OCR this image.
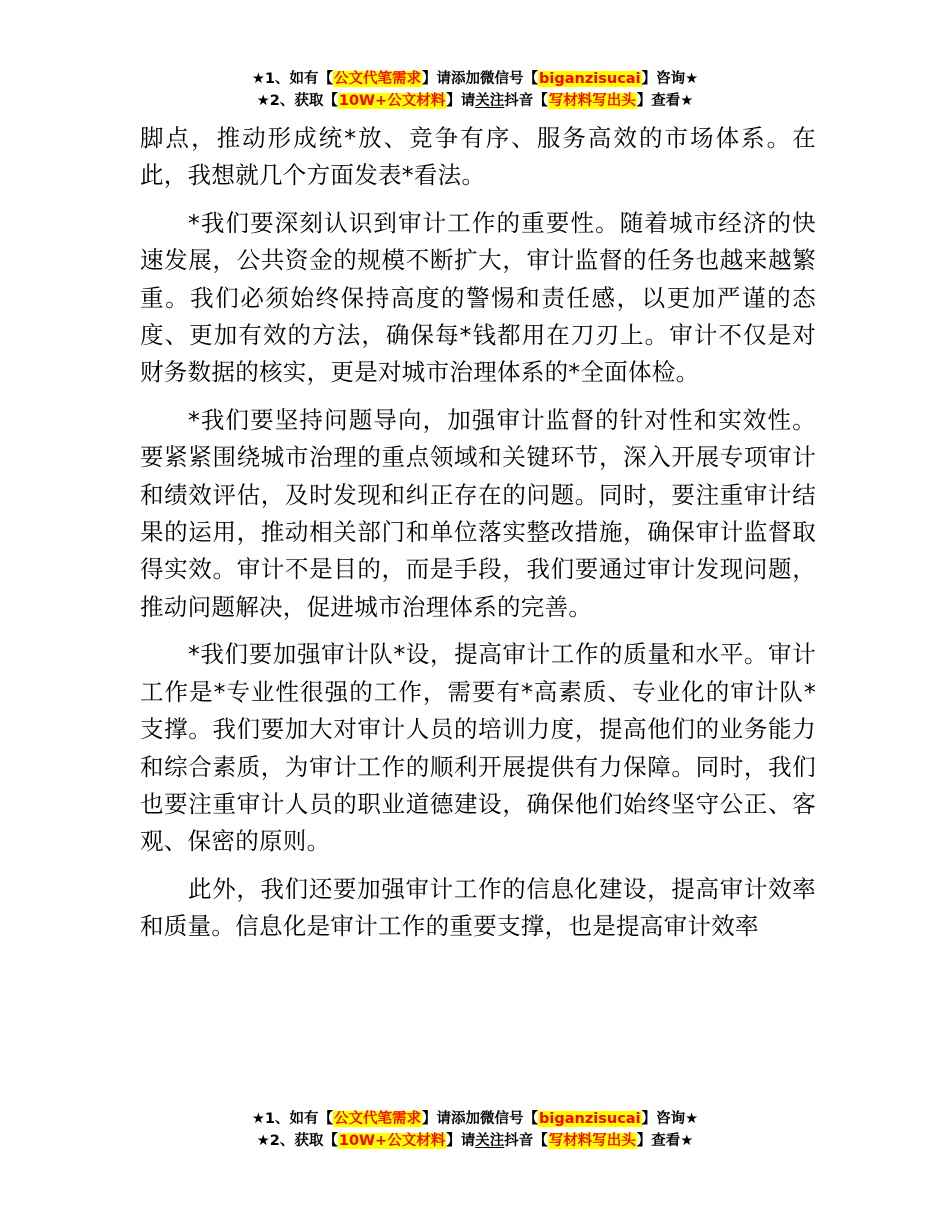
★1、如有【公文代笔需求】请添加微信号【biganzisucai】咨询★
★2、获取【10W+公文材料】请关注抖音【写材料写出头】查看★

脚点，推动形成统*放、竞争有序、服务高效的市场体系。在此，我想就几个方面发表*看法。

*我们要深刻认识到审计工作的重要性。随着城市经济的快速发展，公共资金的规模不断扩大，审计监督的任务也越来越繁重。我们必须始终保持高度的警惕和责任感，以更加严谨的态度、更加有效的方法，确保每*钱都用在刀刃上。审计不仅是对财务数据的核实，更是对城市治理体系的*全面体检。

*我们要坚持问题导向，加强审计监督的针对性和实效性。要紧紧围绕城市治理的重点领域和关键环节，深入开展专项审计和绩效评估，及时发现和纠正存在的问题。同时，要注重审计结果的运用，推动相关部门和单位落实整改措施，确保审计监督取得实效。审计不是目的，而是手段，我们要通过审计发现问题，推动问题解决，促进城市治理体系的完善。

*我们要加强审计队*设，提高审计工作的质量和水平。审计工作是*专业性很强的工作，需要有*高素质、专业化的审计队*支撑。我们要加大对审计人员的培训力度，提高他们的业务能力和综合素质，为审计工作的顺利开展提供有力保障。同时，我们也要注重审计人员的职业道德建设，确保他们始终坚守公正、客观、保密的原则。

此外，我们还要加强审计工作的信息化建设，提高审计效率和质量。信息化是审计工作的重要支撑，也是提高审计效率

★1、如有【公文代笔需求】请添加微信号【biganzisucai】咨询★
★2、获取【10W+公文材料】请关注抖音【写材料写出头】查看★
